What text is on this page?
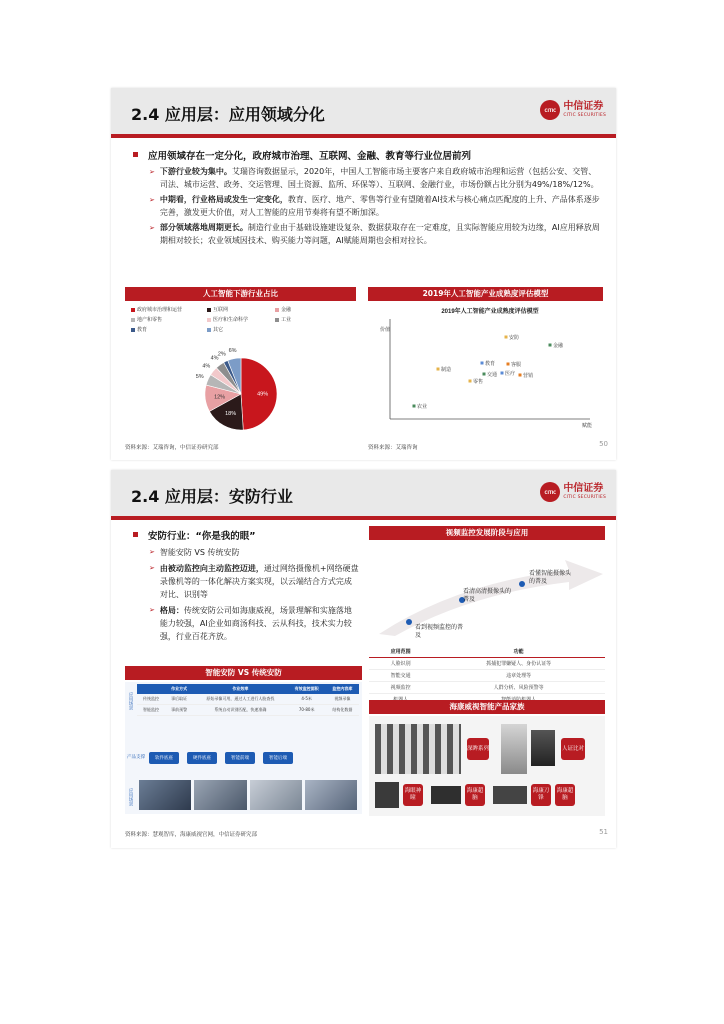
2.4 应用层：应用领域分化	CITIC 中信证券
CITIC SECURITIES
应用领域存在一定分化，政府城市治理、互联网、金融、教育等行业位居前列
➢ 下游行业较为集中。艾瑞咨询数据显示，2020年，中国人工智能市场主要客户来自政府城市治理和运营（包括公安、交管、司法、城市运营、政务、交运管理、国土资源、监所、环保等）、互联网、金融行业，市场份额占比分别为49%/18%/12%。
➢ 中期看，行业格局或发生一定变化，教育、医疗、地产、零售等行业有望随着AI技术与核心痛点匹配度的上升、产品体系逐步完善，激发更大价值，对人工智能的应用节奏将有望不断加深。
➢ 部分领域落地周期更长。制造行业由于基础设施建设复杂、数据获取存在一定难度，且实际智能应用较为边缘，AI应用释放周期相对较长；农业领域因技术、购买能力等问题，AI赋能周期也会相对拉长。
人工智能下游行业占比
政府城市治理和运营	互联网	金融
地产和零售	医疗和生命科学	工业
教育	其它
49%
18%
12%
5%
4%
4%
2%
6%
资料来源：艾瑞咨询，中信证券研究部
2019年人工智能产业成熟度评估模型
2019年人工智能产业成熟度评估模型
价值
赋能
安防
金融
教育	客服
制造
交通 医疗 营销
零售
农业
资料来源：艾瑞咨询	50
2.4 应用层：安防行业	CITIC 中信证券
CITIC SECURITIES
安防行业：“你是我的眼”
➢ 智能安防 VS 传统安防
➢ 由被动监控向主动监控迈进，通过网络摄像机+网络硬盘录像机等的一体化解决方案实现，以云端结合方式完成对比、识别等
➢ 格局：传统安防公司如海康威视，场景理解和实施落地能力较强，AI企业如商汤科技、云从科技，技术实力较强，行业百花齐放。
智能安防 VS 传统安防
应用场景
	作业方式	作业效率	有效监控面积	监控内容库
传统监控	事后取证	原始录像可用，通过人工进行人脸查找	4-5米	视频录像
智能监控	事前预警	系统自动识别匹配，快速准确	70-80米	结构化数据
产品支撑	软件底座	硬件底座	智能前端	智能后端
应用场景
资料来源：慧观智库，海康威视官网，中信证券研究部
视频监控发展阶段与应用
看到视频监控的普及
看清高清摄像头的普及
看懂智能摄像头的普及
应用范围	功能
人脸识别	抓捕犯罪嫌疑人、身份认证等
智能交通	违章处理等
视频监控	人群分析、风险预警等

海康威视智能产品家族
深眸系列	人证比对
海眼神瞳
海康超脑
海康刀锋
海康超脑
51
